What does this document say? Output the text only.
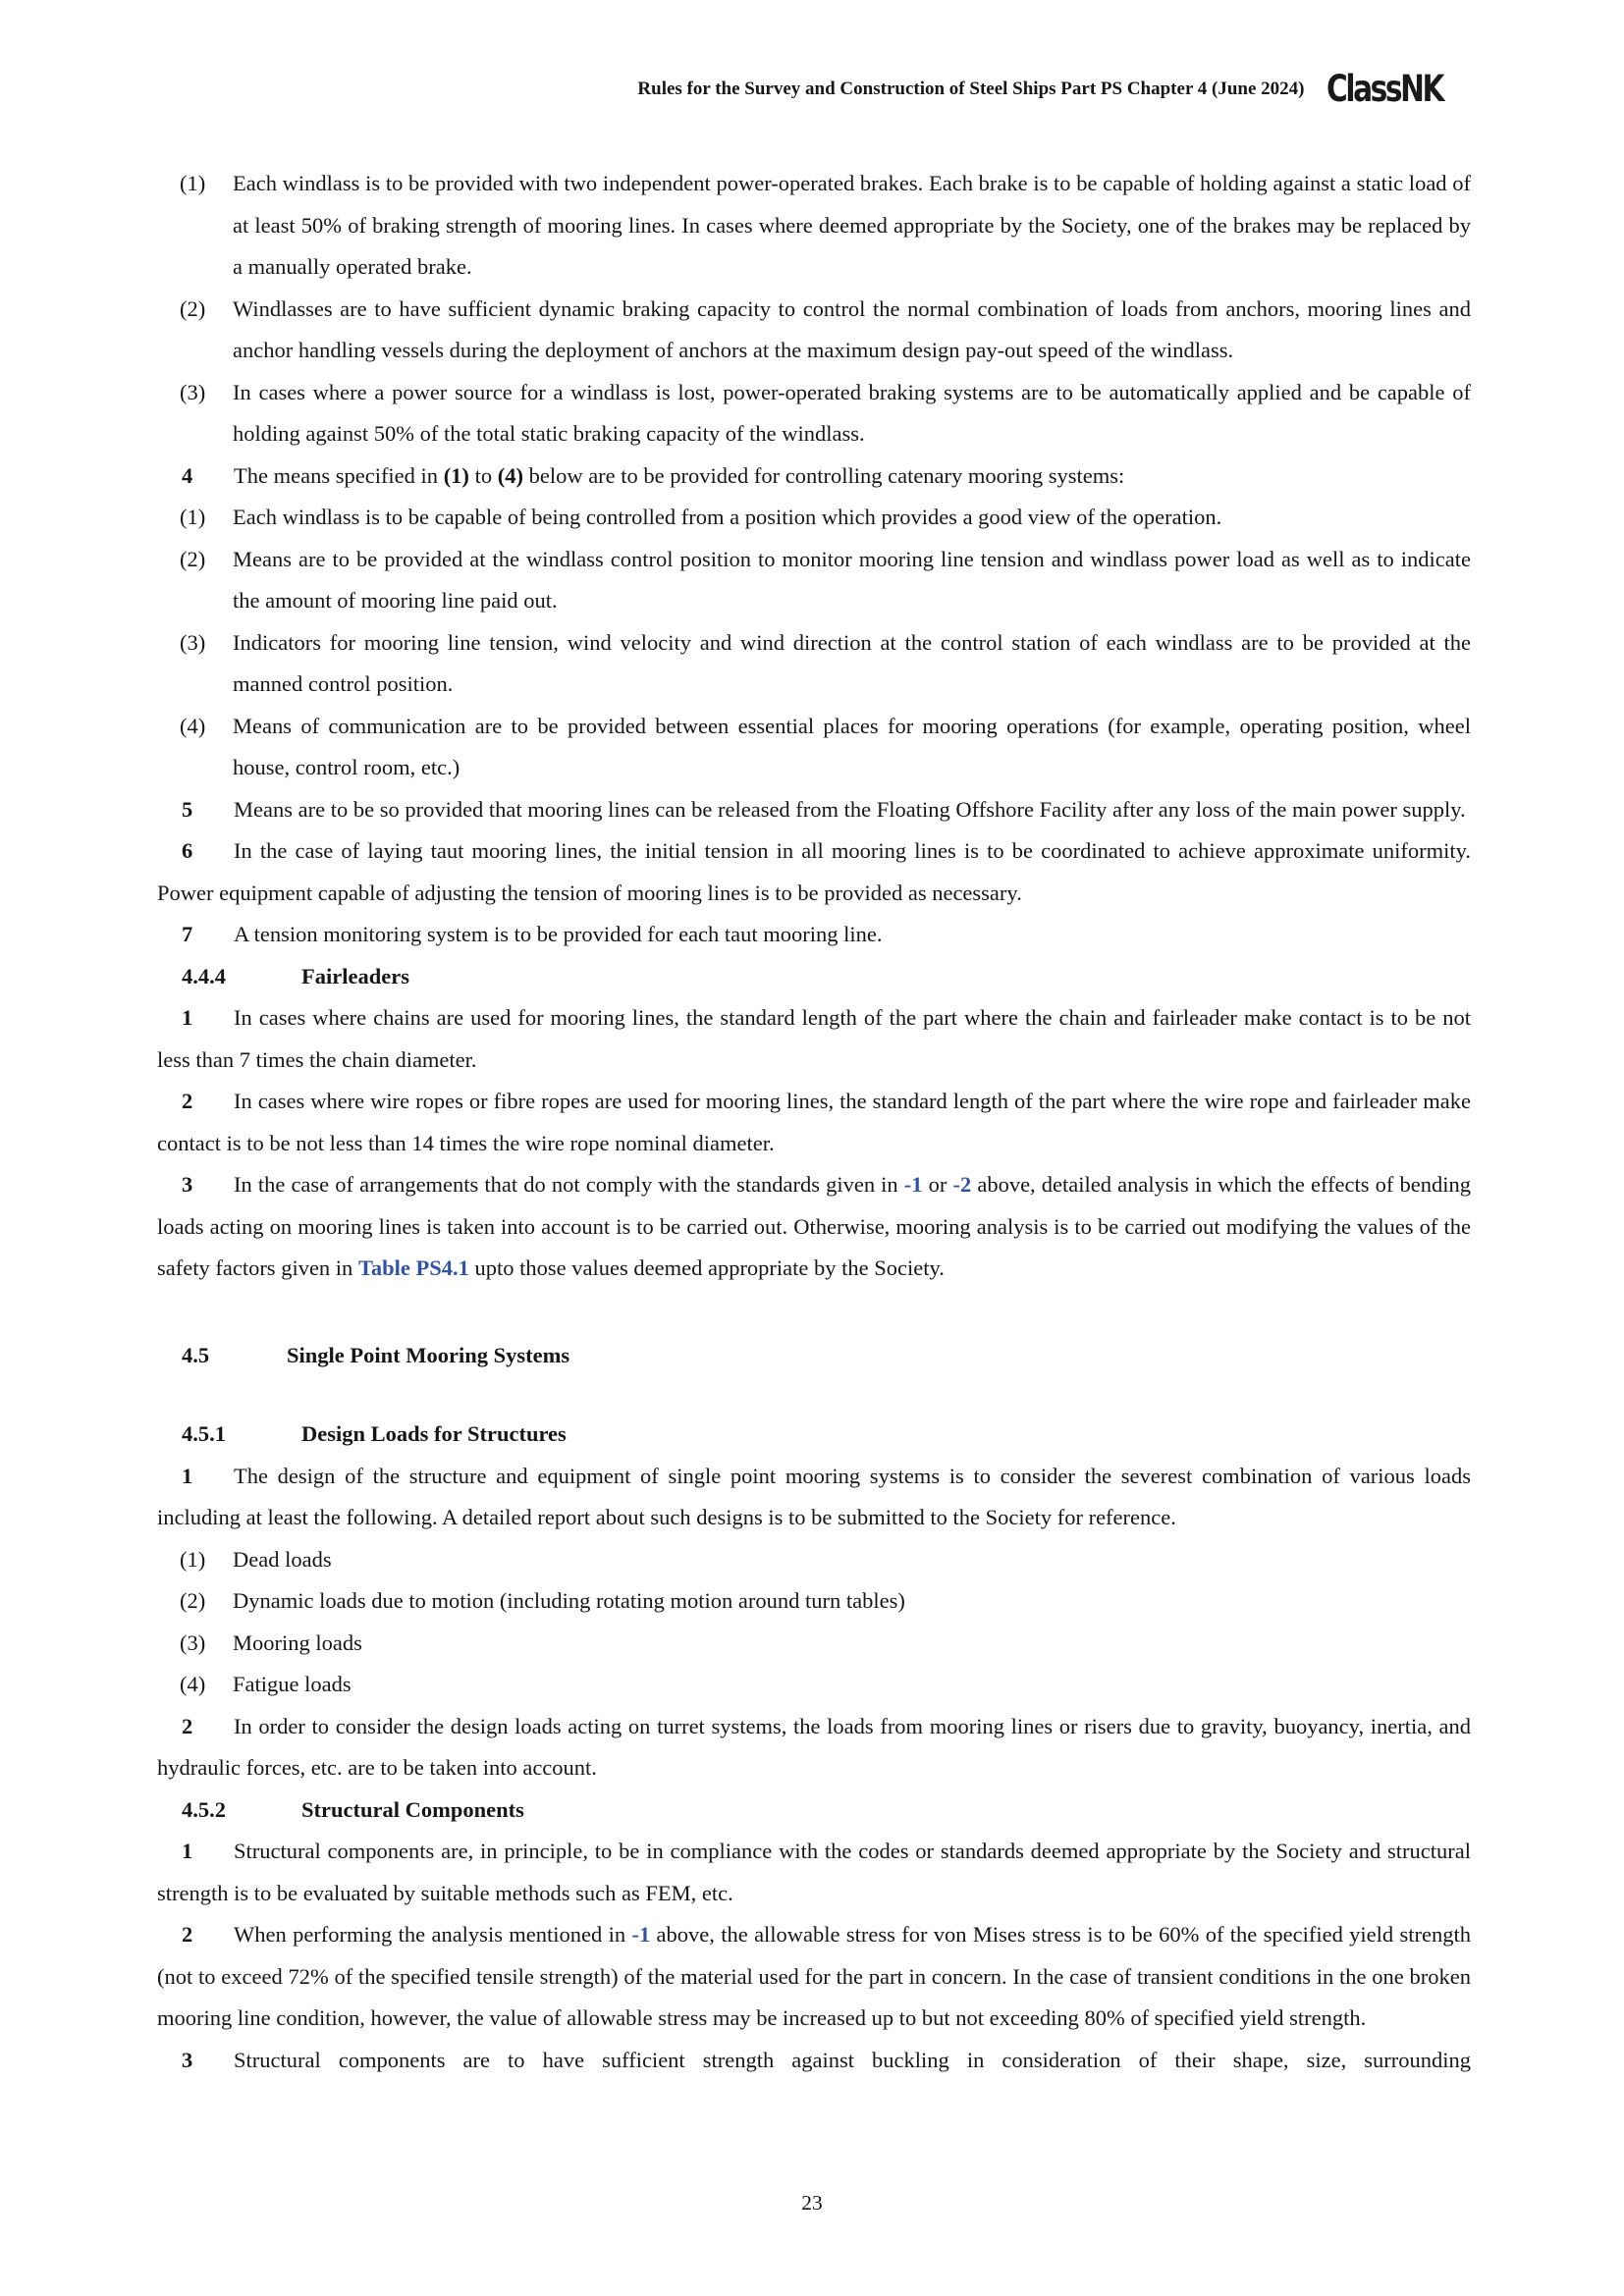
Rules for the Survey and Construction of Steel Ships Part PS Chapter 4 (June 2024) ClassNK

(1)	Each windlass is to be provided with two independent power-operated brakes. Each brake is to be capable of holding against a static load of at least 50% of braking strength of mooring lines. In cases where deemed appropriate by the Society, one of the brakes may be replaced by a manually operated brake.

(2)	Windlasses are to have sufficient dynamic braking capacity to control the normal combination of loads from anchors, mooring lines and anchor handling vessels during the deployment of anchors at the maximum design pay-out speed of the windlass.

(3)	In cases where a power source for a windlass is lost, power-operated braking systems are to be automatically applied and be capable of holding against 50% of the total static braking capacity of the windlass.

4 The means specified in (1) to (4) below are to be provided for controlling catenary mooring systems:

(1)	Each windlass is to be capable of being controlled from a position which provides a good view of the operation.

(2)	Means are to be provided at the windlass control position to monitor mooring line tension and windlass power load as well as to indicate the amount of mooring line paid out.

(3)	Indicators for mooring line tension, wind velocity and wind direction at the control station of each windlass are to be provided at the manned control position.

(4)	Means of communication are to be provided between essential places for mooring operations (for example, operating position, wheel house, control room, etc.)

5 Means are to be so provided that mooring lines can be released from the Floating Offshore Facility after any loss of the main power supply.

6 In the case of laying taut mooring lines, the initial tension in all mooring lines is to be coordinated to achieve approximate uniformity. Power equipment capable of adjusting the tension of mooring lines is to be provided as necessary.

7 A tension monitoring system is to be provided for each taut mooring line.

4.4.4	Fairleaders

1 In cases where chains are used for mooring lines, the standard length of the part where the chain and fairleader make contact is to be not less than 7 times the chain diameter.

2 In cases where wire ropes or fibre ropes are used for mooring lines, the standard length of the part where the wire rope and fairleader make contact is to be not less than 14 times the wire rope nominal diameter.

3 In the case of arrangements that do not comply with the standards given in -1 or -2 above, detailed analysis in which the effects of bending loads acting on mooring lines is taken into account is to be carried out. Otherwise, mooring analysis is to be carried out modifying the values of the safety factors given in Table PS4.1 upto those values deemed appropriate by the Society.

4.5	Single Point Mooring Systems

4.5.1	Design Loads for Structures

1 The design of the structure and equipment of single point mooring systems is to consider the severest combination of various loads including at least the following. A detailed report about such designs is to be submitted to the Society for reference.

(1)	Dead loads

(2)	Dynamic loads due to motion (including rotating motion around turn tables)

(3)	Mooring loads

(4)	Fatigue loads

2 In order to consider the design loads acting on turret systems, the loads from mooring lines or risers due to gravity, buoyancy, inertia, and hydraulic forces, etc. are to be taken into account.

4.5.2	Structural Components

1 Structural components are, in principle, to be in compliance with the codes or standards deemed appropriate by the Society and structural strength is to be evaluated by suitable methods such as FEM, etc.

2 When performing the analysis mentioned in -1 above, the allowable stress for von Mises stress is to be 60% of the specified yield strength (not to exceed 72% of the specified tensile strength) of the material used for the part in concern. In the case of transient conditions in the one broken mooring line condition, however, the value of allowable stress may be increased up to but not exceeding 80% of specified yield strength.

3 Structural components are to have sufficient strength against buckling in consideration of their shape, size, surrounding

23
